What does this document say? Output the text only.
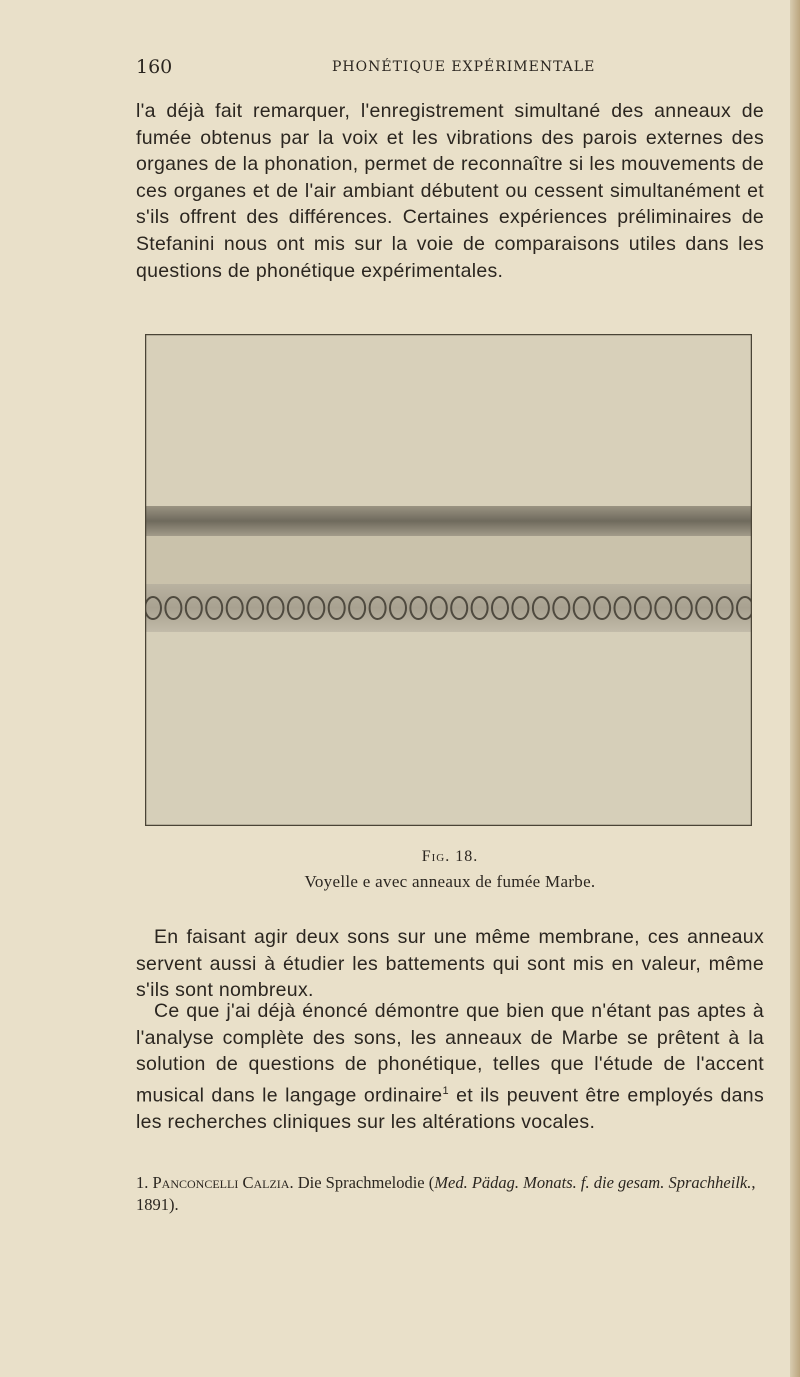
160	PHONÉTIQUE EXPÉRIMENTALE
l'a déjà fait remarquer, l'enregistrement simultané des anneaux de fumée obtenus par la voix et les vibrations des parois externes des organes de la phonation, permet de reconnaître si les mouvements de ces organes et de l'air ambiant débutent ou cessent simultanément et s'ils offrent des différences. Certaines expériences préliminaires de Stefanini nous ont mis sur la voie de comparaisons utiles dans les questions de phonétique expérimentales.
Fig. 18.
Voyelle e avec anneaux de fumée Marbe.
En faisant agir deux sons sur une même membrane, ces anneaux servent aussi à étudier les battements qui sont mis en valeur, même s'ils sont nombreux.
Ce que j'ai déjà énoncé démontre que bien que n'étant pas aptes à l'analyse complète des sons, les anneaux de Marbe se prêtent à la solution de questions de phonétique, telles que l'étude de l'accent musical dans le langage ordinaire$^1$ et ils peuvent être employés dans les recherches cliniques sur les altérations vocales.
1. Panconcelli Calzia. Die Sprachmelodie (Med. Pädag. Monats. f. die gesam. Sprachheilk., 1891).
